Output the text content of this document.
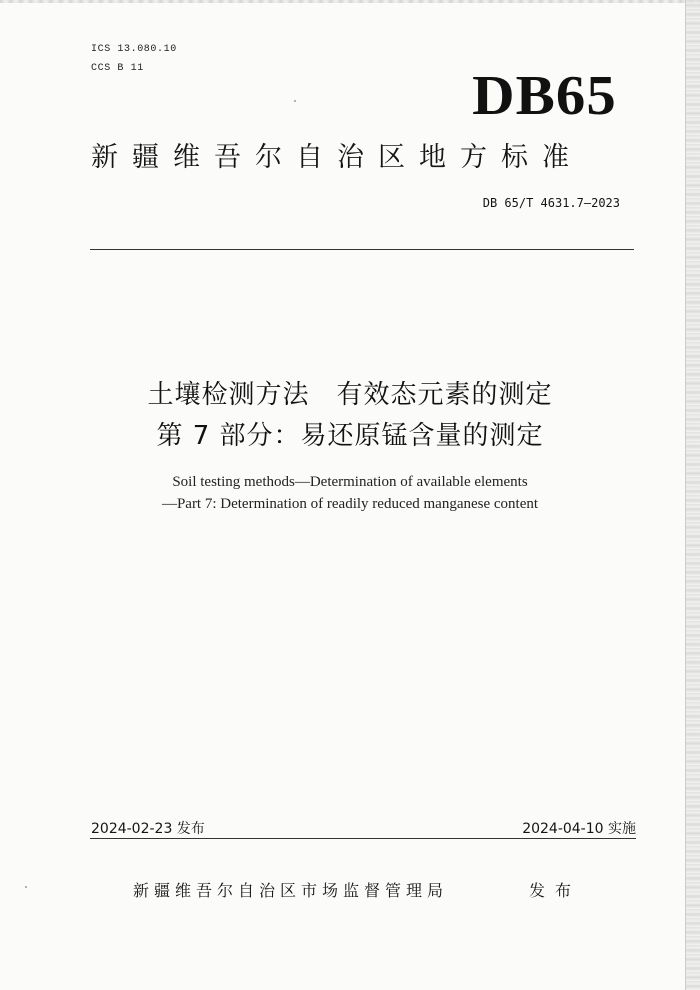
ICS 13.080.10
CCS B 11	DB65
新疆维吾尔自治区地方标准
DB 65/T 4631.7—2023
土壤检测方法　有效态元素的测定
第 7 部分：易还原锰含量的测定
Soil testing methods—Determination of available elements
—Part 7: Determination of readily reduced manganese content
2024-02-23 发布	2024-04-10 实施
新疆维吾尔自治区市场监督管理局	发布
